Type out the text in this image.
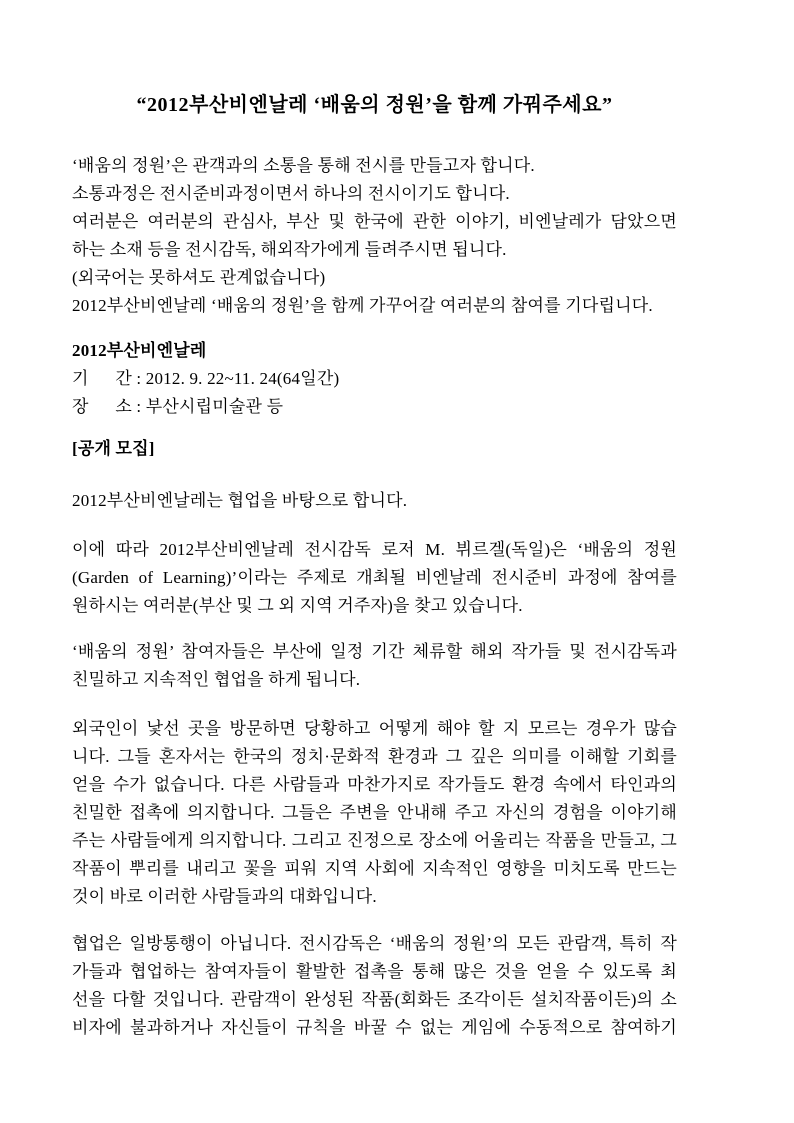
“2012부산비엔날레 ‘배움의 정원’을 함께 가꿔주세요”
‘배움의 정원’은 관객과의 소통을 통해 전시를 만들고자 합니다.
소통과정은 전시준비과정이면서 하나의 전시이기도 합니다.
여러분은 여러분의 관심사, 부산 및 한국에 관한 이야기, 비엔날레가 담았으면
하는 소재 등을 전시감독, 해외작가에게 들려주시면 됩니다.
(외국어는 못하셔도 관계없습니다)
2012부산비엔날레 ‘배움의 정원’을 함께 가꾸어갈 여러분의 참여를 기다립니다.
2012부산비엔날레
기      간 : 2012. 9. 22~11. 24(64일간)
장      소 : 부산시립미술관 등
[공개 모집]
2012부산비엔날레는 협업을 바탕으로 합니다.
이에 따라 2012부산비엔날레 전시감독 로저 M. 뷔르겔(독일)은 ‘배움의 정원
(Garden of Learning)’이라는 주제로 개최될 비엔날레 전시준비 과정에 참여를
원하시는 여러분(부산 및 그 외 지역 거주자)을 찾고 있습니다.
‘배움의 정원’ 참여자들은 부산에 일정 기간 체류할 해외 작가들 및 전시감독과
친밀하고 지속적인 협업을 하게 됩니다.
외국인이 낯선 곳을 방문하면 당황하고 어떻게 해야 할 지 모르는 경우가 많습
니다. 그들 혼자서는 한국의 정치·문화적 환경과 그 깊은 의미를 이해할 기회를
얻을 수가 없습니다. 다른 사람들과 마찬가지로 작가들도 환경 속에서 타인과의
친밀한 접촉에 의지합니다. 그들은 주변을 안내해 주고 자신의 경험을 이야기해
주는 사람들에게 의지합니다. 그리고 진정으로 장소에 어울리는 작품을 만들고, 그
작품이 뿌리를 내리고 꽃을 피워 지역 사회에 지속적인 영향을 미치도록 만드는
것이 바로 이러한 사람들과의 대화입니다.
협업은 일방통행이 아닙니다. 전시감독은 ‘배움의 정원’의 모든 관람객, 특히 작
가들과 협업하는 참여자들이 활발한 접촉을 통해 많은 것을 얻을 수 있도록 최
선을 다할 것입니다. 관람객이 완성된 작품(회화든 조각이든 설치작품이든)의 소
비자에 불과하거나 자신들이 규칙을 바꿀 수 없는 게임에 수동적으로 참여하기
